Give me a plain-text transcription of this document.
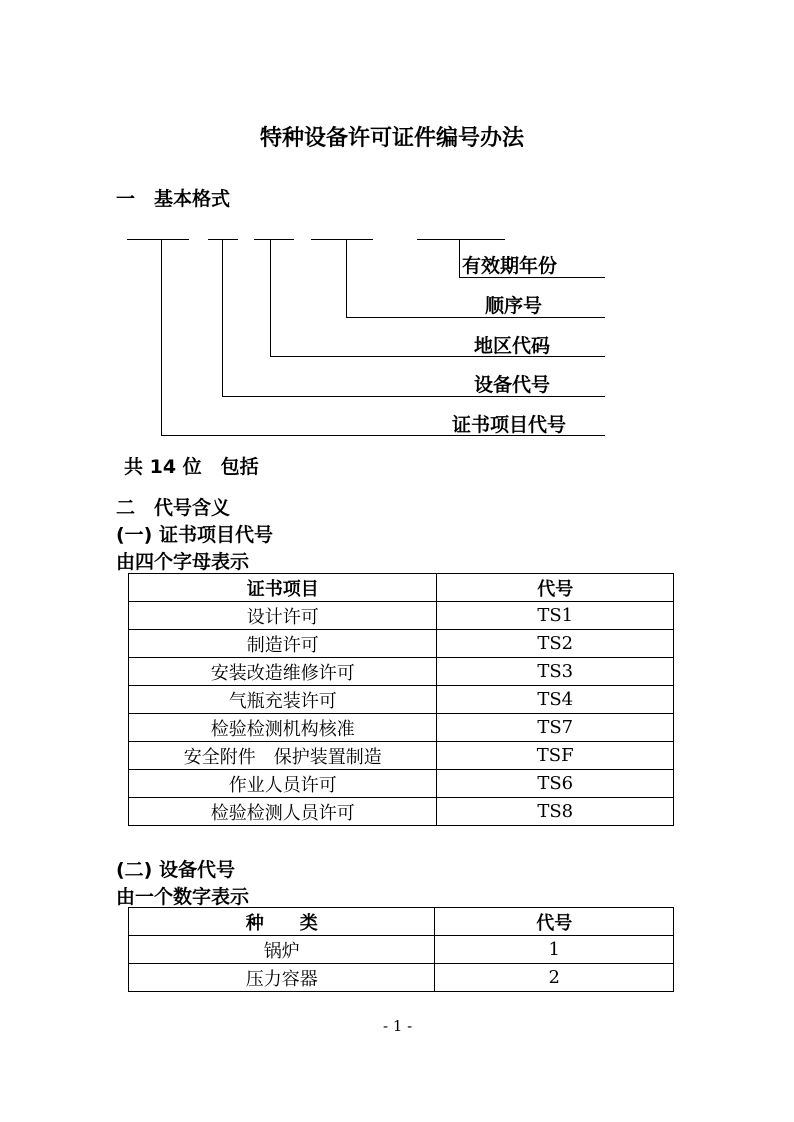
特种设备许可证件编号办法
一　基本格式
有效期年份
顺序号
地区代码
设备代号
证书项目代号
共 14 位　包括
二　代号含义
(一) 证书项目代号
由四个字母表示
证书项目	代号
设计许可	TS1
制造许可	TS2
安装改造维修许可	TS3
气瓶充装许可	TS4
检验检测机构核准	TS7
安全附件　保护装置制造	TSF
作业人员许可	TS6
检验检测人员许可	TS8
(二) 设备代号
由一个数字表示
种　　类	代号
锅炉	1
压力容器	2
- 1 -
